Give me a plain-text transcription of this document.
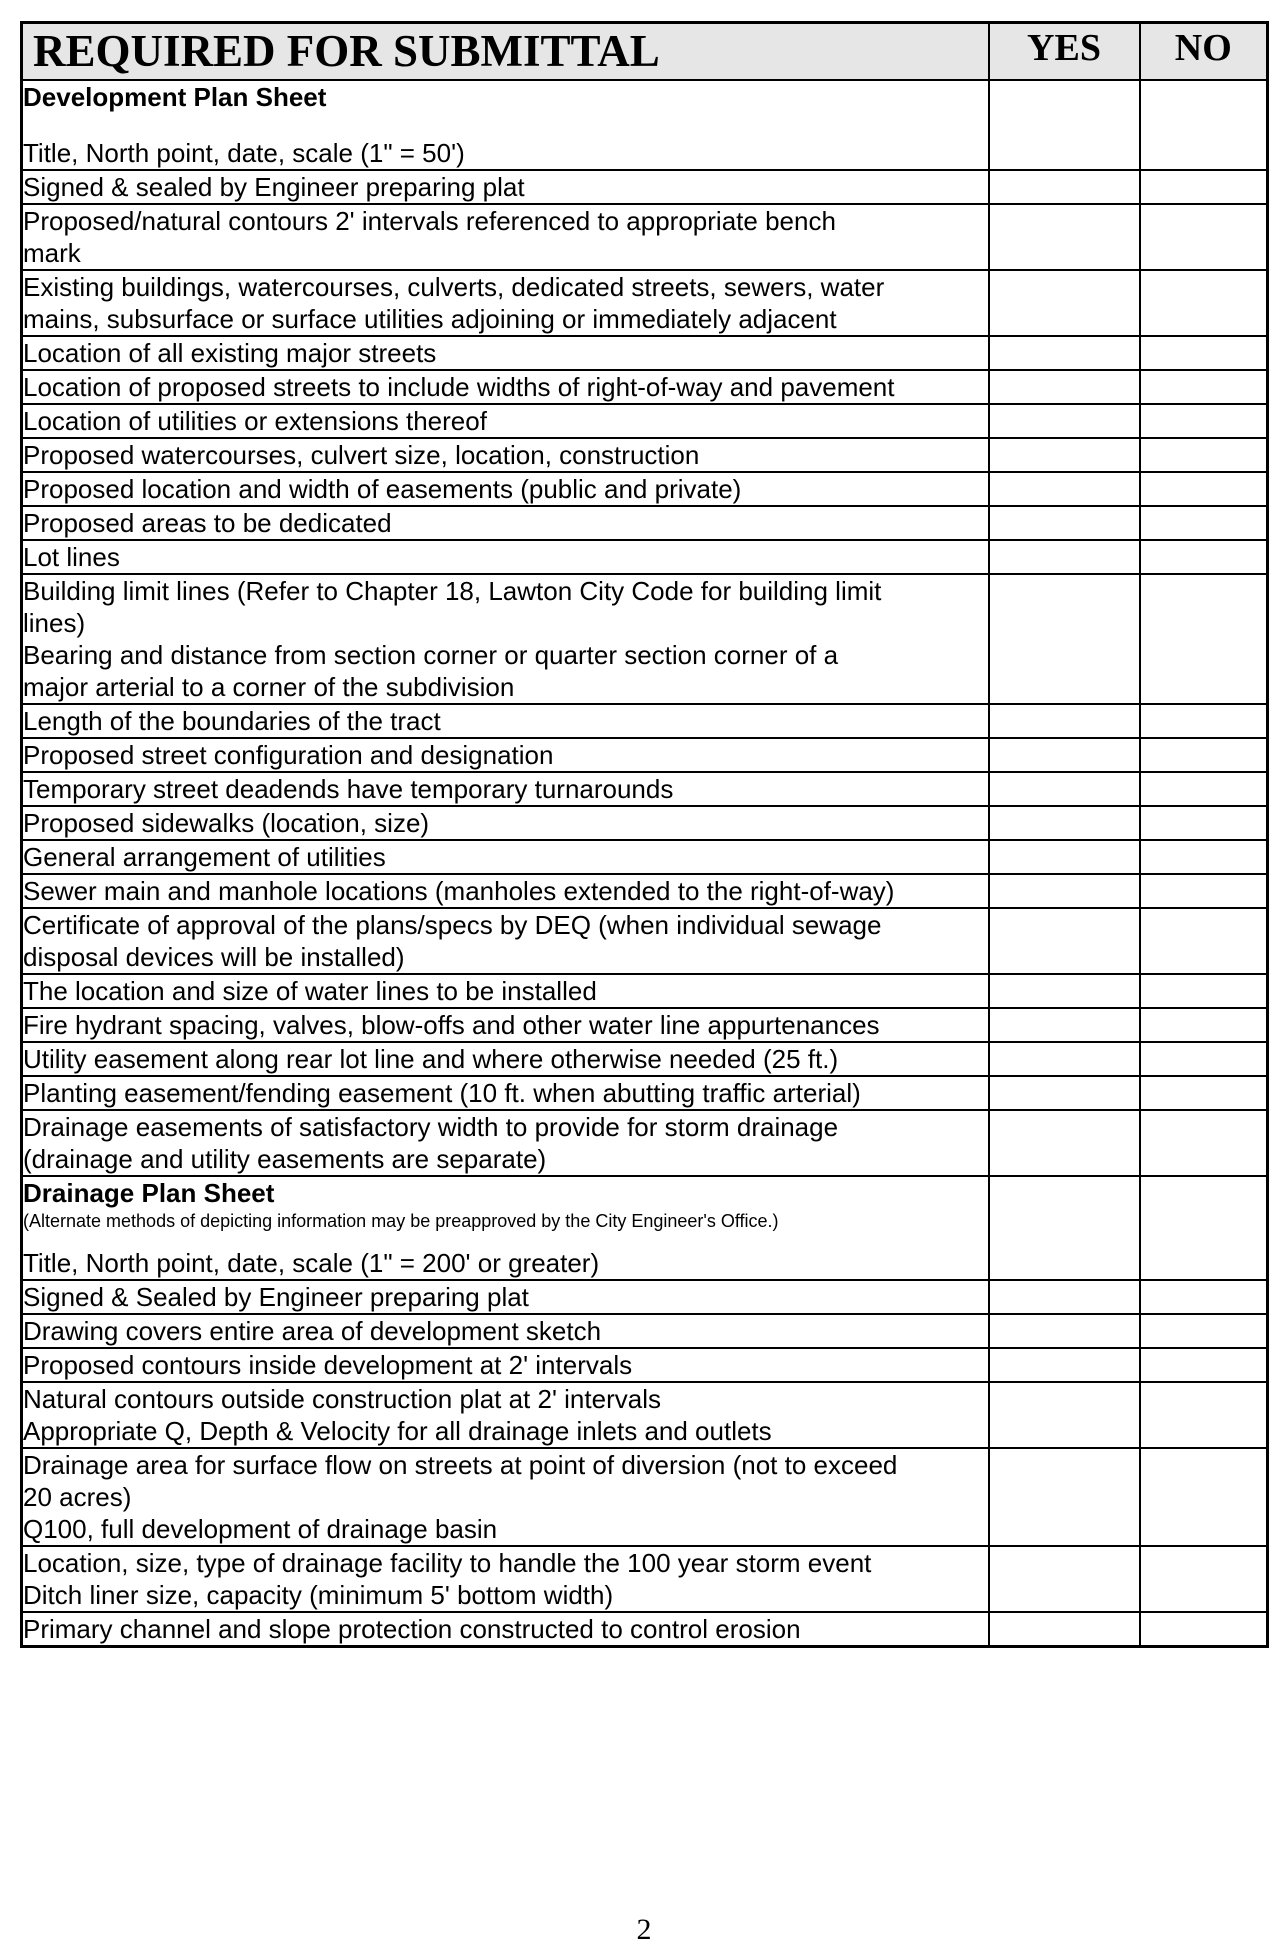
REQUIRED FOR SUBMITTAL	YES	NO

Development Plan Sheet
Title, North point, date, scale (1" = 50')		

Signed & sealed by Engineer preparing plat		

Proposed/natural contours 2' intervals referenced to appropriate bench
mark		

Existing buildings, watercourses, culverts, dedicated streets, sewers, water
mains, subsurface or surface utilities adjoining or immediately adjacent		

Location of all existing major streets		

Location of proposed streets to include widths of right-of-way and pavement		

Location of utilities or extensions thereof		

Proposed watercourses, culvert size, location, construction		

Proposed location and width of easements (public and private)		

Proposed areas to be dedicated		

Lot lines		

Building limit lines (Refer to Chapter 18, Lawton City Code for building limit
lines)
Bearing and distance from section corner or quarter section corner of a
major arterial to a corner of the subdivision		

Length of the boundaries of the tract		

Proposed street configuration and designation		

Temporary street deadends have temporary turnarounds		

Proposed sidewalks (location, size)		

General arrangement of utilities		

Sewer main and manhole locations (manholes extended to the right-of-way)		

Certificate of approval of the plans/specs by DEQ (when individual sewage
disposal devices will be installed)		

The location and size of water lines to be installed		

Fire hydrant spacing, valves, blow-offs and other water line appurtenances		

Utility easement along rear lot line and where otherwise needed (25 ft.)		

Planting easement/fending easement (10 ft. when abutting traffic arterial)		

Drainage easements of satisfactory width to provide for storm drainage
(drainage and utility easements are separate)		

Drainage Plan Sheet
(Alternate methods of depicting information may be preapproved by the City Engineer's Office.)
Title, North point, date, scale (1" = 200' or greater)		

Signed & Sealed by Engineer preparing plat		

Drawing covers entire area of development sketch		

Proposed contours inside development at 2' intervals		

Natural contours outside construction plat at 2' intervals
Appropriate Q, Depth & Velocity for all drainage inlets and outlets		

Drainage area for surface flow on streets at point of diversion (not to exceed
20 acres)
Q100, full development of drainage basin		

Location, size, type of drainage facility to handle the 100 year storm event
Ditch liner size, capacity (minimum 5' bottom width)		

Primary channel and slope protection constructed to control erosion		

2
